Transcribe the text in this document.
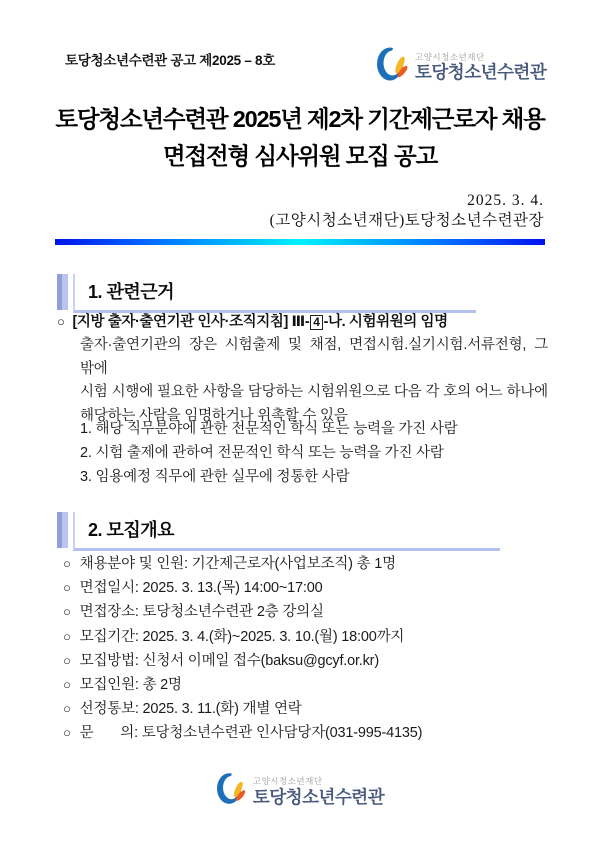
토당청소년수련관 공고 제2025 – 8호	고양시청소년재단
토당청소년수련관
토당청소년수련관 2025년 제2차 기간제근로자 채용
면접전형 심사위원 모집 공고
2025. 3. 4.
(고양시청소년재단)토당청소년수련관장
1. 관련근거
○ [지방 출자·출연기관 인사·조직지침] Ⅲ- 4 -나. 시험위원의 임명
출자·출연기관의 장은 시험출제 및 채점, 면접시험.실기시험.서류전형, 그 밖에
시험 시행에 필요한 사항을 담당하는 시험위원으로 다음 각 호의 어느 하나에
해당하는 사람을 임명하거나 위촉할 수 있음
1. 해당 직무분야에 관한 전문적인 학식 또는 능력을 가진 사람
2. 시험 출제에 관하여 전문적인 학식 또는 능력을 가진 사람
3. 임용예정 직무에 관한 실무에 정통한 사람
2. 모집개요
○ 채용분야 및 인원: 기간제근로자(사업보조직) 총 1명
○ 면접일시: 2025. 3. 13.(목) 14:00~17:00
○ 면접장소: 토당청소년수련관 2층 강의실
○ 모집기간: 2025. 3. 4.(화)~2025. 3. 10.(월) 18:00까지
○ 모집방법: 신청서 이메일 접수(baksu@gcyf.or.kr)
○ 모집인원: 총 2명
○ 선정통보: 2025. 3. 11.(화) 개별 연락
○ 문       의: 토당청소년수련관 인사담당자(031-995-4135)
고양시청소년재단
토당청소년수련관
